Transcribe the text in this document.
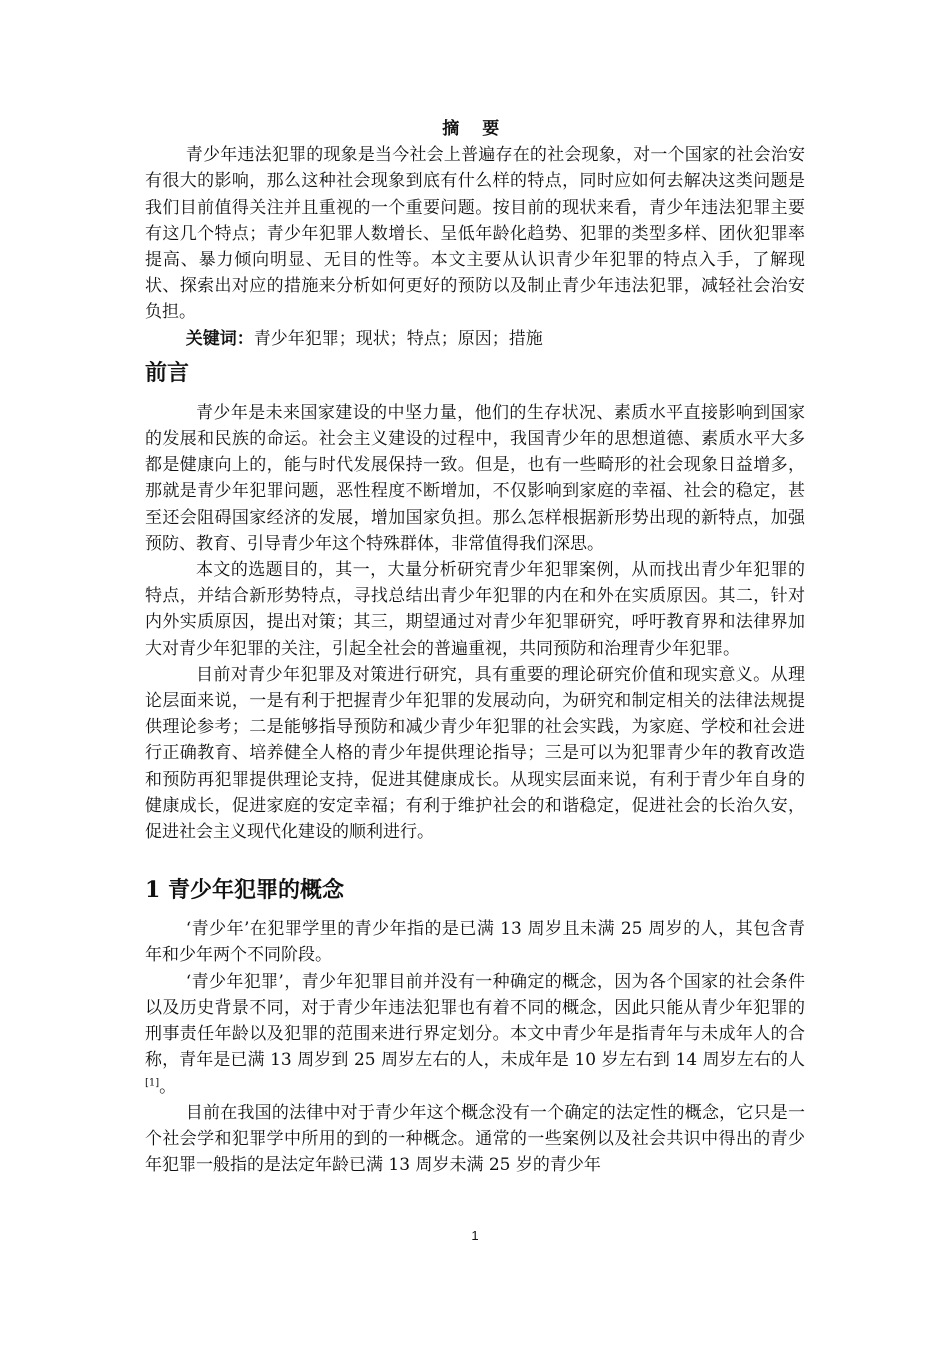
摘 要

青少年违法犯罪的现象是当今社会上普遍存在的社会现象，对一个国家的社会治安有很大的影响，那么这种社会现象到底有什么样的特点，同时应如何去解决这类问题是我们目前值得关注并且重视的一个重要问题。按目前的现状来看，青少年违法犯罪主要有这几个特点；青少年犯罪人数增长、呈低年龄化趋势、犯罪的类型多样、团伙犯罪率提高、暴力倾向明显、无目的性等。本文主要从认识青少年犯罪的特点入手，了解现状、探索出对应的措施来分析如何更好的预防以及制止青少年违法犯罪，减轻社会治安负担。

关键词：青少年犯罪；现状；特点；原因；措施

前言

青少年是未来国家建设的中坚力量，他们的生存状况、素质水平直接影响到国家的发展和民族的命运。社会主义建设的过程中，我国青少年的思想道德、素质水平大多都是健康向上的，能与时代发展保持一致。但是，也有一些畸形的社会现象日益增多，那就是青少年犯罪问题，恶性程度不断增加，不仅影响到家庭的幸福、社会的稳定，甚至还会阻碍国家经济的发展，增加国家负担。那么怎样根据新形势出现的新特点，加强预防、教育、引导青少年这个特殊群体，非常值得我们深思。

本文的选题目的，其一，大量分析研究青少年犯罪案例，从而找出青少年犯罪的特点，并结合新形势特点，寻找总结出青少年犯罪的内在和外在实质原因。其二，针对内外实质原因，提出对策；其三，期望通过对青少年犯罪研究，呼吁教育界和法律界加大对青少年犯罪的关注，引起全社会的普遍重视，共同预防和治理青少年犯罪。

目前对青少年犯罪及对策进行研究，具有重要的理论研究价值和现实意义。从理论层面来说，一是有利于把握青少年犯罪的发展动向，为研究和制定相关的法律法规提供理论参考；二是能够指导预防和减少青少年犯罪的社会实践，为家庭、学校和社会进行正确教育、培养健全人格的青少年提供理论指导；三是可以为犯罪青少年的教育改造和预防再犯罪提供理论支持，促进其健康成长。从现实层面来说，有利于青少年自身的健康成长，促进家庭的安定幸福；有利于维护社会的和谐稳定，促进社会的长治久安，促进社会主义现代化建设的顺利进行。

1 青少年犯罪的概念

‘青少年’在犯罪学里的青少年指的是已满 13 周岁且未满 25 周岁的人，其包含青年和少年两个不同阶段。

‘青少年犯罪’，青少年犯罪目前并没有一种确定的概念，因为各个国家的社会条件以及历史背景不同，对于青少年违法犯罪也有着不同的概念，因此只能从青少年犯罪的刑事责任年龄以及犯罪的范围来进行界定划分。本文中青少年是指青年与未成年人的合称，青年是已满 13 周岁到 25 周岁左右的人，未成年是 10 岁左右到 14 周岁左右的人[1]。

目前在我国的法律中对于青少年这个概念没有一个确定的法定性的概念，它只是一个社会学和犯罪学中所用的到的一种概念。通常的一些案例以及社会共识中得出的青少年犯罪一般指的是法定年龄已满 13 周岁未满 25 岁的青少年

1
